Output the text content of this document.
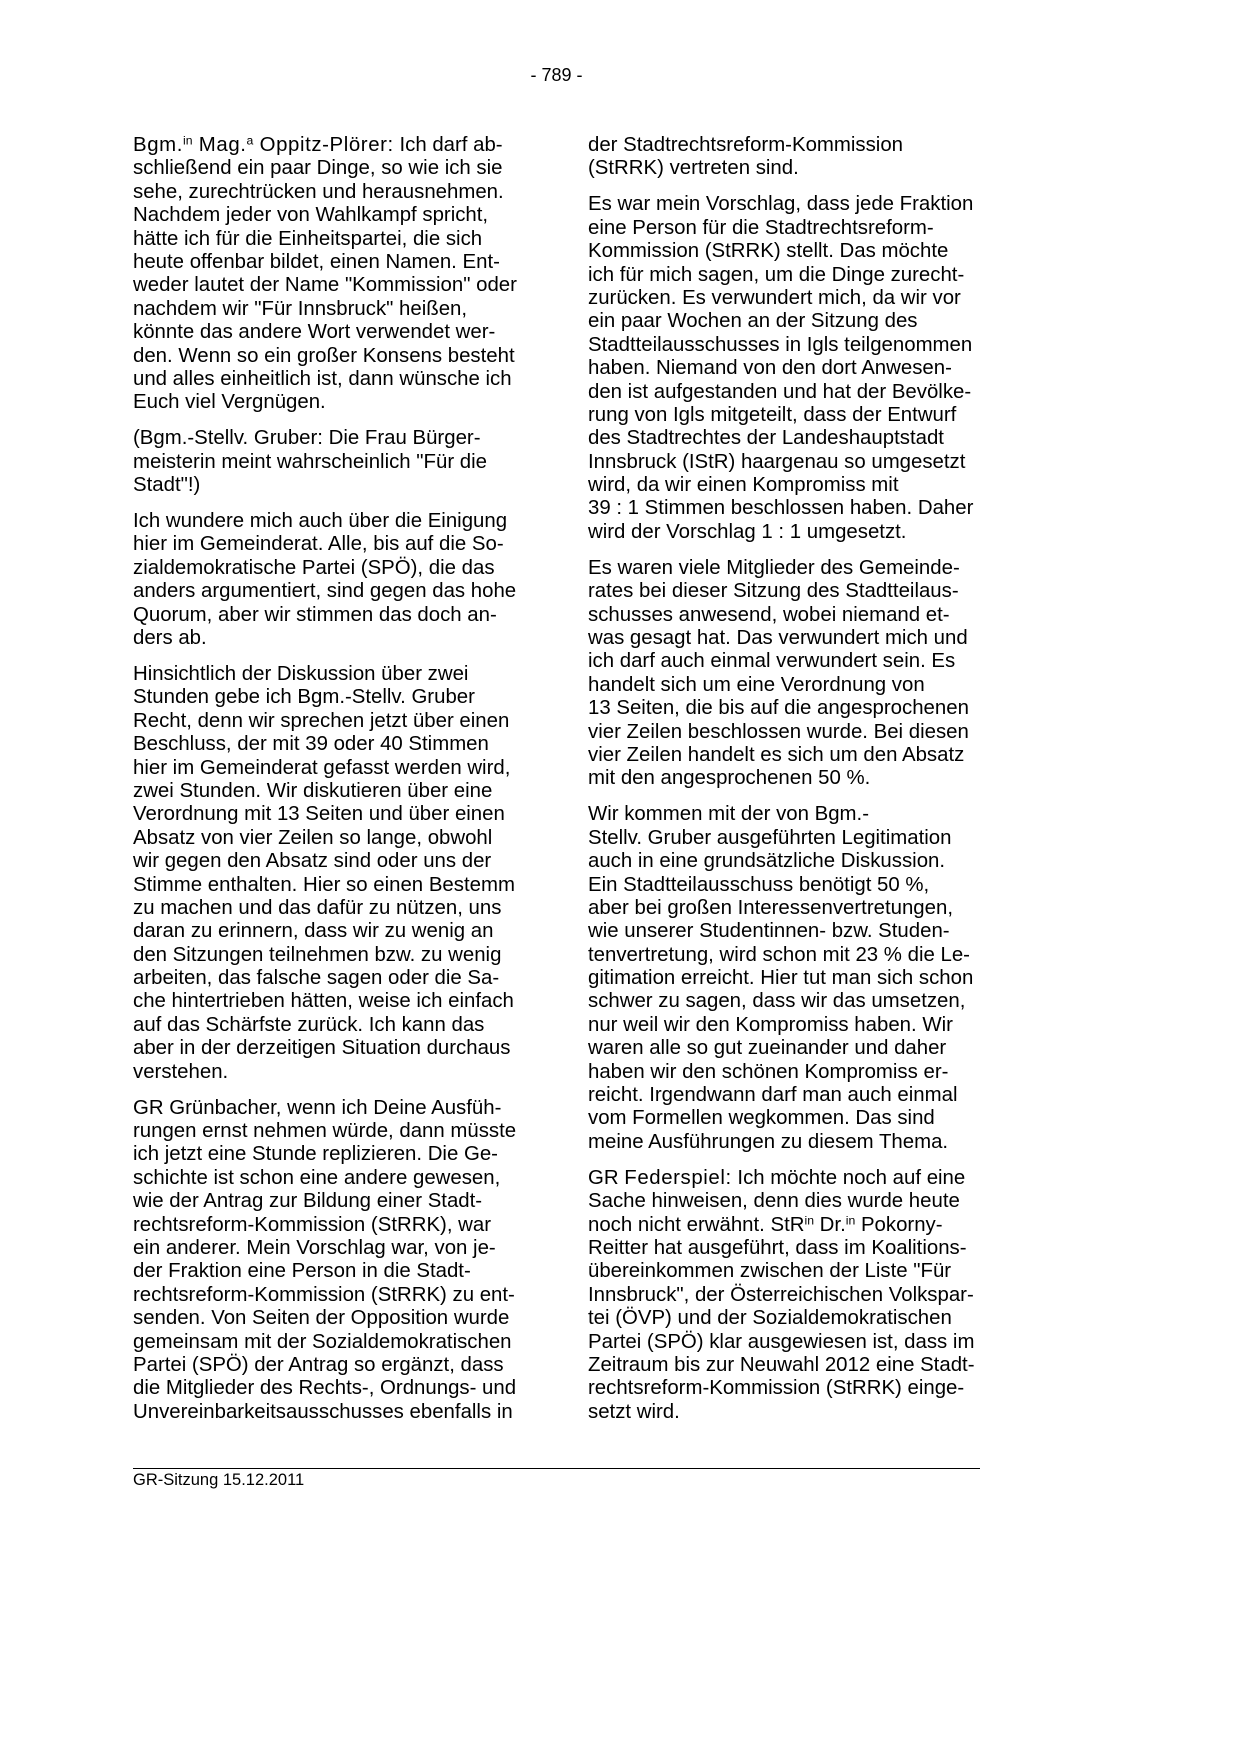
- 789 -
Bgm.$^{in}$ Mag.$^a$ Oppitz-Plörer: Ich darf ab-
schließend ein paar Dinge, so wie ich sie
sehe, zurechtrücken und herausnehmen.
Nachdem jeder von Wahlkampf spricht,
hätte ich für die Einheitspartei, die sich
heute offenbar bildet, einen Namen. Ent-
weder lautet der Name "Kommission" oder
nachdem wir "Für Innsbruck" heißen,
könnte das andere Wort verwendet wer-
den. Wenn so ein großer Konsens besteht
und alles einheitlich ist, dann wünsche ich
Euch viel Vergnügen.
(Bgm.-Stellv. Gruber: Die Frau Bürger-
meisterin meint wahrscheinlich "Für die
Stadt"!)
Ich wundere mich auch über die Einigung
hier im Gemeinderat. Alle, bis auf die So-
zialdemokratische Partei (SPÖ), die das
anders argumentiert, sind gegen das hohe
Quorum, aber wir stimmen das doch an-
ders ab.
Hinsichtlich der Diskussion über zwei
Stunden gebe ich Bgm.-Stellv. Gruber
Recht, denn wir sprechen jetzt über einen
Beschluss, der mit 39 oder 40 Stimmen
hier im Gemeinderat gefasst werden wird,
zwei Stunden. Wir diskutieren über eine
Verordnung mit 13 Seiten und über einen
Absatz von vier Zeilen so lange, obwohl
wir gegen den Absatz sind oder uns der
Stimme enthalten. Hier so einen Bestemm
zu machen und das dafür zu nützen, uns
daran zu erinnern, dass wir zu wenig an
den Sitzungen teilnehmen bzw. zu wenig
arbeiten, das falsche sagen oder die Sa-
che hintertrieben hätten, weise ich einfach
auf das Schärfste zurück. Ich kann das
aber in der derzeitigen Situation durchaus
verstehen.
GR Grünbacher, wenn ich Deine Ausfüh-
rungen ernst nehmen würde, dann müsste
ich jetzt eine Stunde replizieren. Die Ge-
schichte ist schon eine andere gewesen,
wie der Antrag zur Bildung einer Stadt-
rechtsreform-Kommission (StRRK), war
ein anderer. Mein Vorschlag war, von je-
der Fraktion eine Person in die Stadt-
rechtsreform-Kommission (StRRK) zu ent-
senden. Von Seiten der Opposition wurde
gemeinsam mit der Sozialdemokratischen
Partei (SPÖ) der Antrag so ergänzt, dass
die Mitglieder des Rechts-, Ordnungs- und
Unvereinbarkeitsausschusses ebenfalls in
der Stadtrechtsreform-Kommission
(StRRK) vertreten sind.
Es war mein Vorschlag, dass jede Fraktion
eine Person für die Stadtrechtsreform-
Kommission (StRRK) stellt. Das möchte
ich für mich sagen, um die Dinge zurecht-
zurücken. Es verwundert mich, da wir vor
ein paar Wochen an der Sitzung des
Stadtteilausschusses in Igls teilgenommen
haben. Niemand von den dort Anwesen-
den ist aufgestanden und hat der Bevölke-
rung von Igls mitgeteilt, dass der Entwurf
des Stadtrechtes der Landeshauptstadt
Innsbruck (IStR) haargenau so umgesetzt
wird, da wir einen Kompromiss mit
39 : 1 Stimmen beschlossen haben. Daher
wird der Vorschlag 1 : 1 umgesetzt.
Es waren viele Mitglieder des Gemeinde-
rates bei dieser Sitzung des Stadtteilaus-
schusses anwesend, wobei niemand et-
was gesagt hat. Das verwundert mich und
ich darf auch einmal verwundert sein. Es
handelt sich um eine Verordnung von
13 Seiten, die bis auf die angesprochenen
vier Zeilen beschlossen wurde. Bei diesen
vier Zeilen handelt es sich um den Absatz
mit den angesprochenen 50 %.
Wir kommen mit der von Bgm.-
Stellv. Gruber ausgeführten Legitimation
auch in eine grundsätzliche Diskussion.
Ein Stadtteilausschuss benötigt 50 %,
aber bei großen Interessenvertretungen,
wie unserer Studentinnen- bzw. Studen-
tenvertretung, wird schon mit 23 % die Le-
gitimation erreicht. Hier tut man sich schon
schwer zu sagen, dass wir das umsetzen,
nur weil wir den Kompromiss haben. Wir
waren alle so gut zueinander und daher
haben wir den schönen Kompromiss er-
reicht. Irgendwann darf man auch einmal
vom Formellen wegkommen. Das sind
meine Ausführungen zu diesem Thema.
GR Federspiel: Ich möchte noch auf eine
Sache hinweisen, denn dies wurde heute
noch nicht erwähnt. StR$^{in}$ Dr.$^{in}$ Pokorny-
Reitter hat ausgeführt, dass im Koalitions-
übereinkommen zwischen der Liste "Für
Innsbruck", der Österreichischen Volkspar-
tei (ÖVP) und der Sozialdemokratischen
Partei (SPÖ) klar ausgewiesen ist, dass im
Zeitraum bis zur Neuwahl 2012 eine Stadt-
rechtsreform-Kommission (StRRK) einge-
setzt wird.
GR-Sitzung 15.12.2011
